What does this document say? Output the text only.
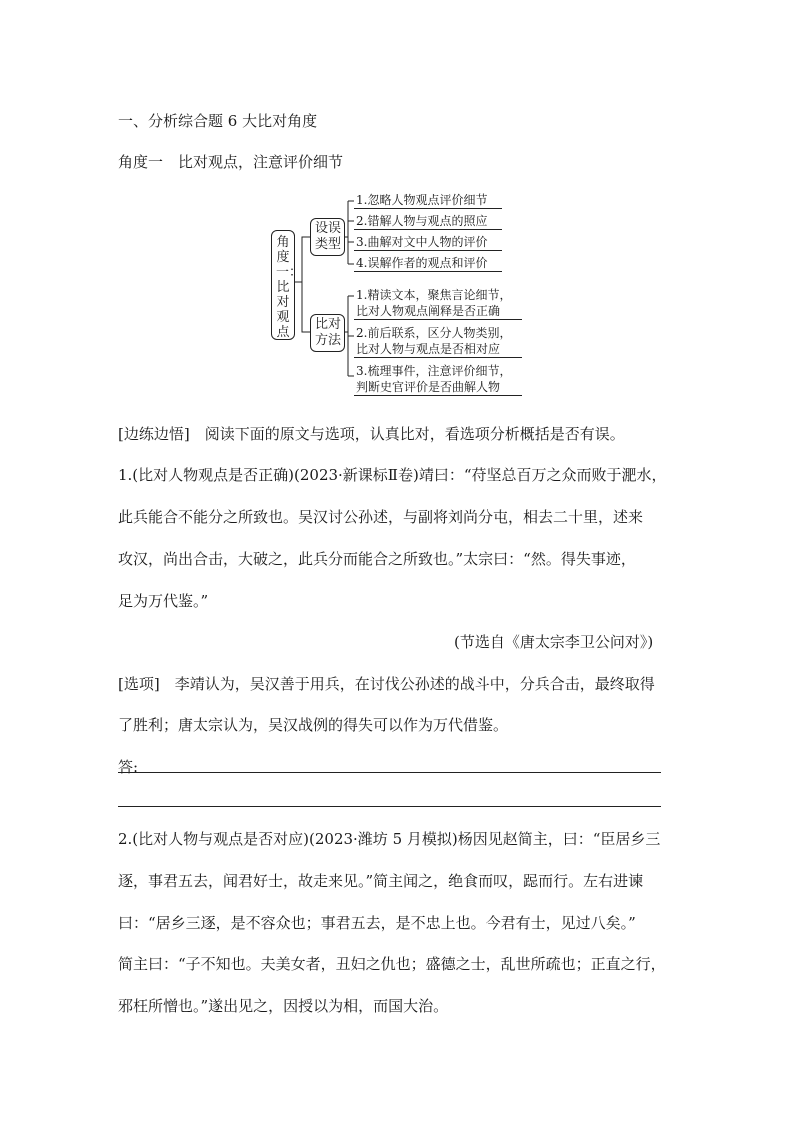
一、分析综合题 6 大比对角度
角度一　比对观点，注意评价细节
角度一：比对观点
设误类型
比对方法
1.忽略人物观点评价细节
2.错解人物与观点的照应
3.曲解对文中人物的评价
4.误解作者的观点和评价
1.精读文本，聚焦言论细节，
比对人物观点阐释是否正确
2.前后联系，区分人物类别，
比对人物与观点是否相对应
3.梳理事件，注意评价细节，
判断史官评价是否曲解人物
[边练边悟]　阅读下面的原文与选项，认真比对，看选项分析概括是否有误。
1.(比对人物观点是否正确)(2023·新课标Ⅱ卷)靖曰：“苻坚总百万之众而败于淝水，
此兵能合不能分之所致也。吴汉讨公孙述，与副将刘尚分屯，相去二十里，述来
攻汉，尚出合击，大破之，此兵分而能合之所致也。”太宗曰：“然。得失事迹，
足为万代鉴。”
(节选自《唐太宗李卫公问对》)
[选项]　李靖认为，吴汉善于用兵，在讨伐公孙述的战斗中，分兵合击，最终取得
了胜利；唐太宗认为，吴汉战例的得失可以作为万代借鉴。
答:
2.(比对人物与观点是否对应)(2023·潍坊 5 月模拟)杨因见赵简主，曰：“臣居乡三
逐，事君五去，闻君好士，故走来见。”简主闻之，绝食而叹，跽而行。左右进谏
曰：“居乡三逐，是不容众也；事君五去，是不忠上也。今君有士，见过八矣。”
简主曰：“子不知也。夫美女者，丑妇之仇也；盛德之士，乱世所疏也；正直之行，
邪枉所憎也。”遂出见之，因授以为相，而国大治。
